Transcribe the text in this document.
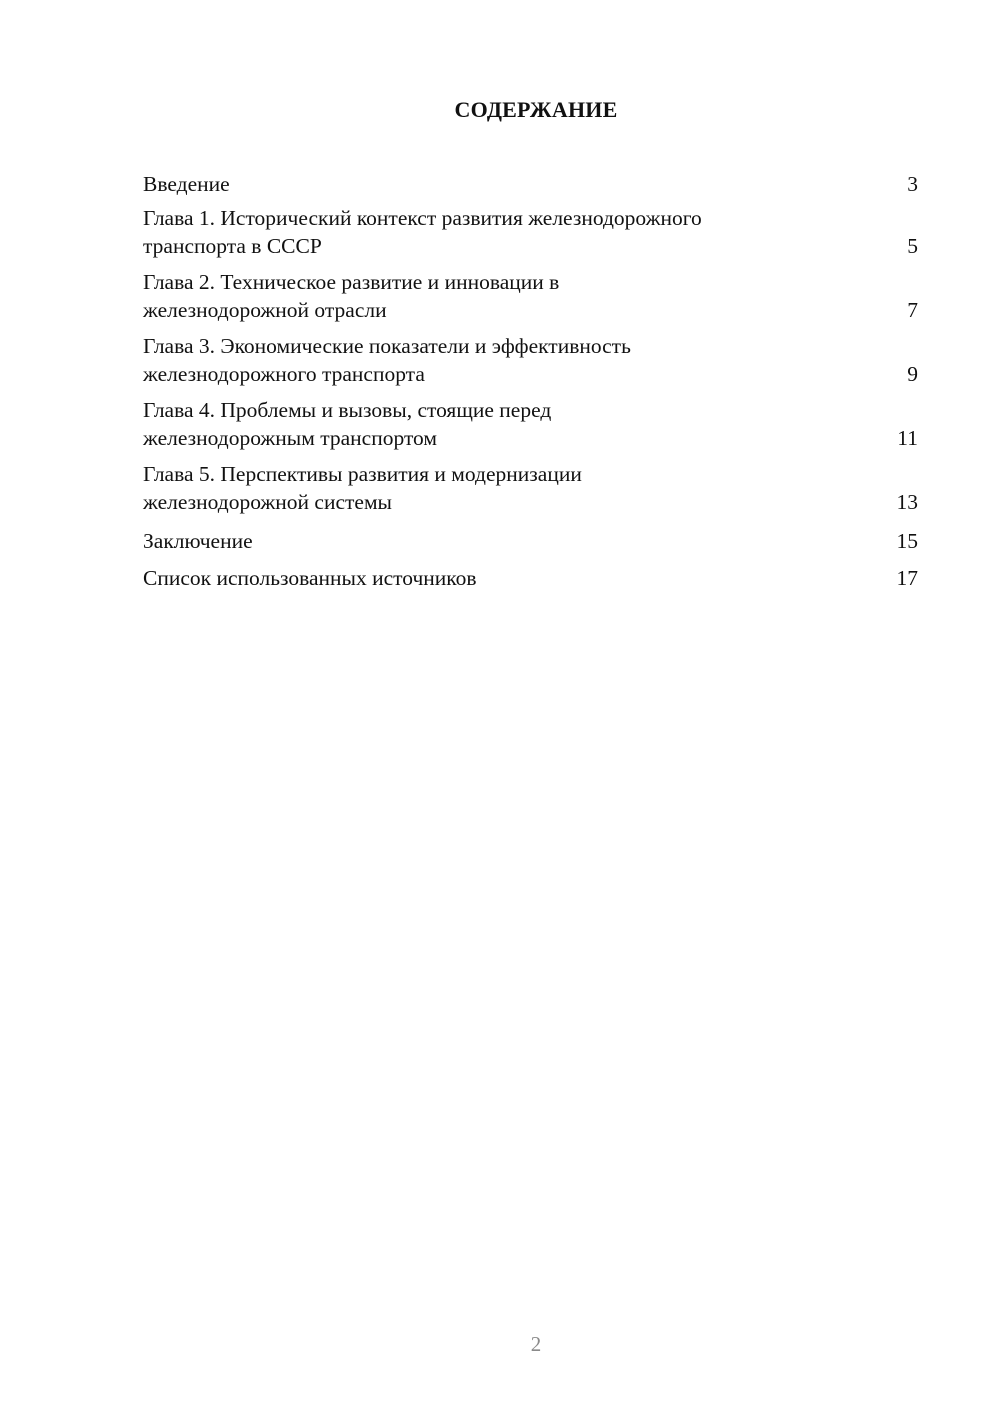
СОДЕРЖАНИЕ
Введение	3
Глава 1. Исторический контекст развития железнодорожного
транспорта в СССР	5
Глава 2. Техническое развитие и инновации в
железнодорожной отрасли	7
Глава 3. Экономические показатели и эффективность
железнодорожного транспорта	9
Глава 4. Проблемы и вызовы, стоящие перед
железнодорожным транспортом	11
Глава 5. Перспективы развития и модернизации
железнодорожной системы	13
Заключение	15
Список использованных источников	17
2
